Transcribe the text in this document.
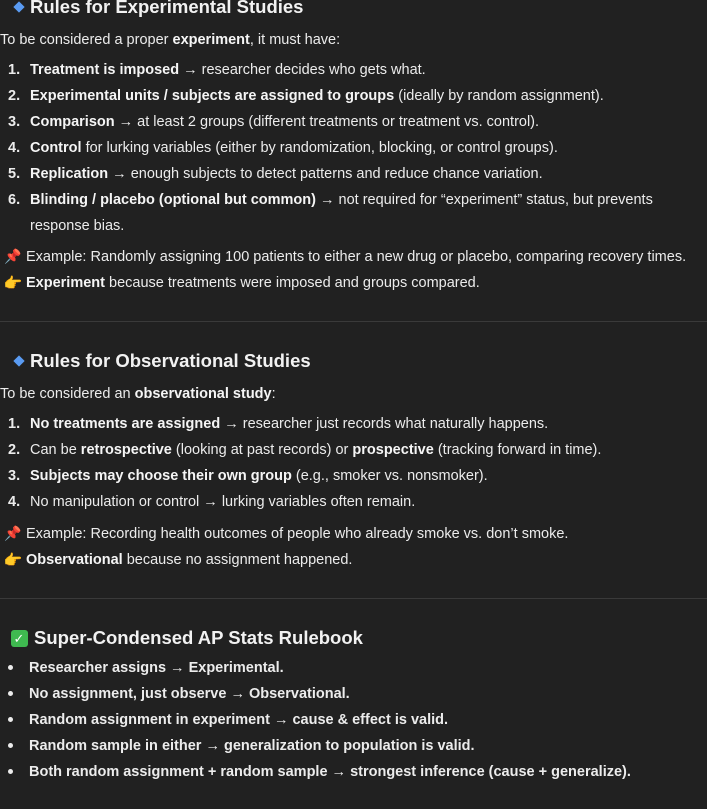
Rules for Experimental Studies
To be considered a proper experiment, it must have:
1. Treatment is imposed → researcher decides who gets what.
2. Experimental units / subjects are assigned to groups (ideally by random assignment).
3. Comparison → at least 2 groups (different treatments or treatment vs. control).
4. Control for lurking variables (either by randomization, blocking, or control groups).
5. Replication → enough subjects to detect patterns and reduce chance variation.
6. Blinding / placebo (optional but common) → not required for “experiment” status, but prevents response bias.
📌 Example: Randomly assigning 100 patients to either a new drug or placebo, comparing recovery times.
👉 Experiment because treatments were imposed and groups compared.
Rules for Observational Studies
To be considered an observational study:
1. No treatments are assigned → researcher just records what naturally happens.
2. Can be retrospective (looking at past records) or prospective (tracking forward in time).
3. Subjects may choose their own group (e.g., smoker vs. nonsmoker).
4. No manipulation or control → lurking variables often remain.
📌 Example: Recording health outcomes of people who already smoke vs. don’t smoke.
👉 Observational because no assignment happened.
✓ Super-Condensed AP Stats Rulebook
Researcher assigns → Experimental.
No assignment, just observe → Observational.
Random assignment in experiment → cause & effect is valid.
Random sample in either → generalization to population is valid.
Both random assignment + random sample → strongest inference (cause + generalize).
